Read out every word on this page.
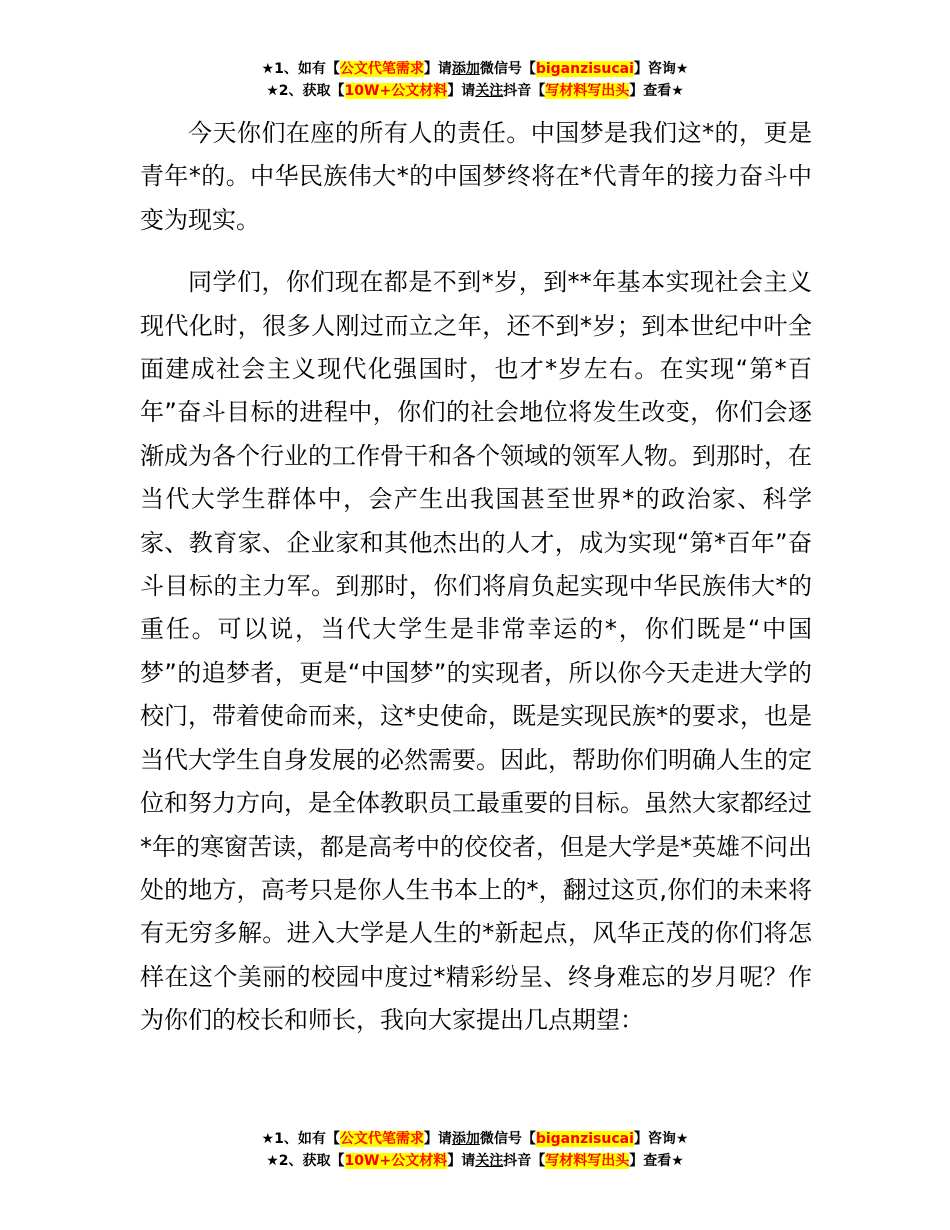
★1、如有【公文代笔需求】请添加微信号【biganzisucai】咨询★
★2、获取【10W+公文材料】请关注抖音【写材料写出头】查看★

今天你们在座的所有人的责任。中国梦是我们这*的，更是青年*的。中华民族伟大*的中国梦终将在*代青年的接力奋斗中变为现实。

同学们，你们现在都是不到*岁，到**年基本实现社会主义现代化时，很多人刚过而立之年，还不到*岁；到本世纪中叶全面建成社会主义现代化强国时，也才*岁左右。在实现“第*百年”奋斗目标的进程中，你们的社会地位将发生改变，你们会逐渐成为各个行业的工作骨干和各个领域的领军人物。到那时，在当代大学生群体中，会产生出我国甚至世界*的政治家、科学家、教育家、企业家和其他杰出的人才，成为实现“第*百年”奋斗目标的主力军。到那时，你们将肩负起实现中华民族伟大*的重任。可以说，当代大学生是非常幸运的*，你们既是“中国梦”的追梦者，更是“中国梦”的实现者，所以你今天走进大学的校门，带着使命而来，这*史使命，既是实现民族*的要求，也是当代大学生自身发展的必然需要。因此，帮助你们明确人生的定位和努力方向，是全体教职员工最重要的目标。虽然大家都经过*年的寒窗苦读，都是高考中的佼佼者，但是大学是*英雄不问出处的地方，高考只是你人生书本上的*，翻过这页,你们的未来将有无穷多解。进入大学是人生的*新起点，风华正茂的你们将怎样在这个美丽的校园中度过*精彩纷呈、终身难忘的岁月呢？作为你们的校长和师长，我向大家提出几点期望：

★1、如有【公文代笔需求】请添加微信号【biganzisucai】咨询★
★2、获取【10W+公文材料】请关注抖音【写材料写出头】查看★
